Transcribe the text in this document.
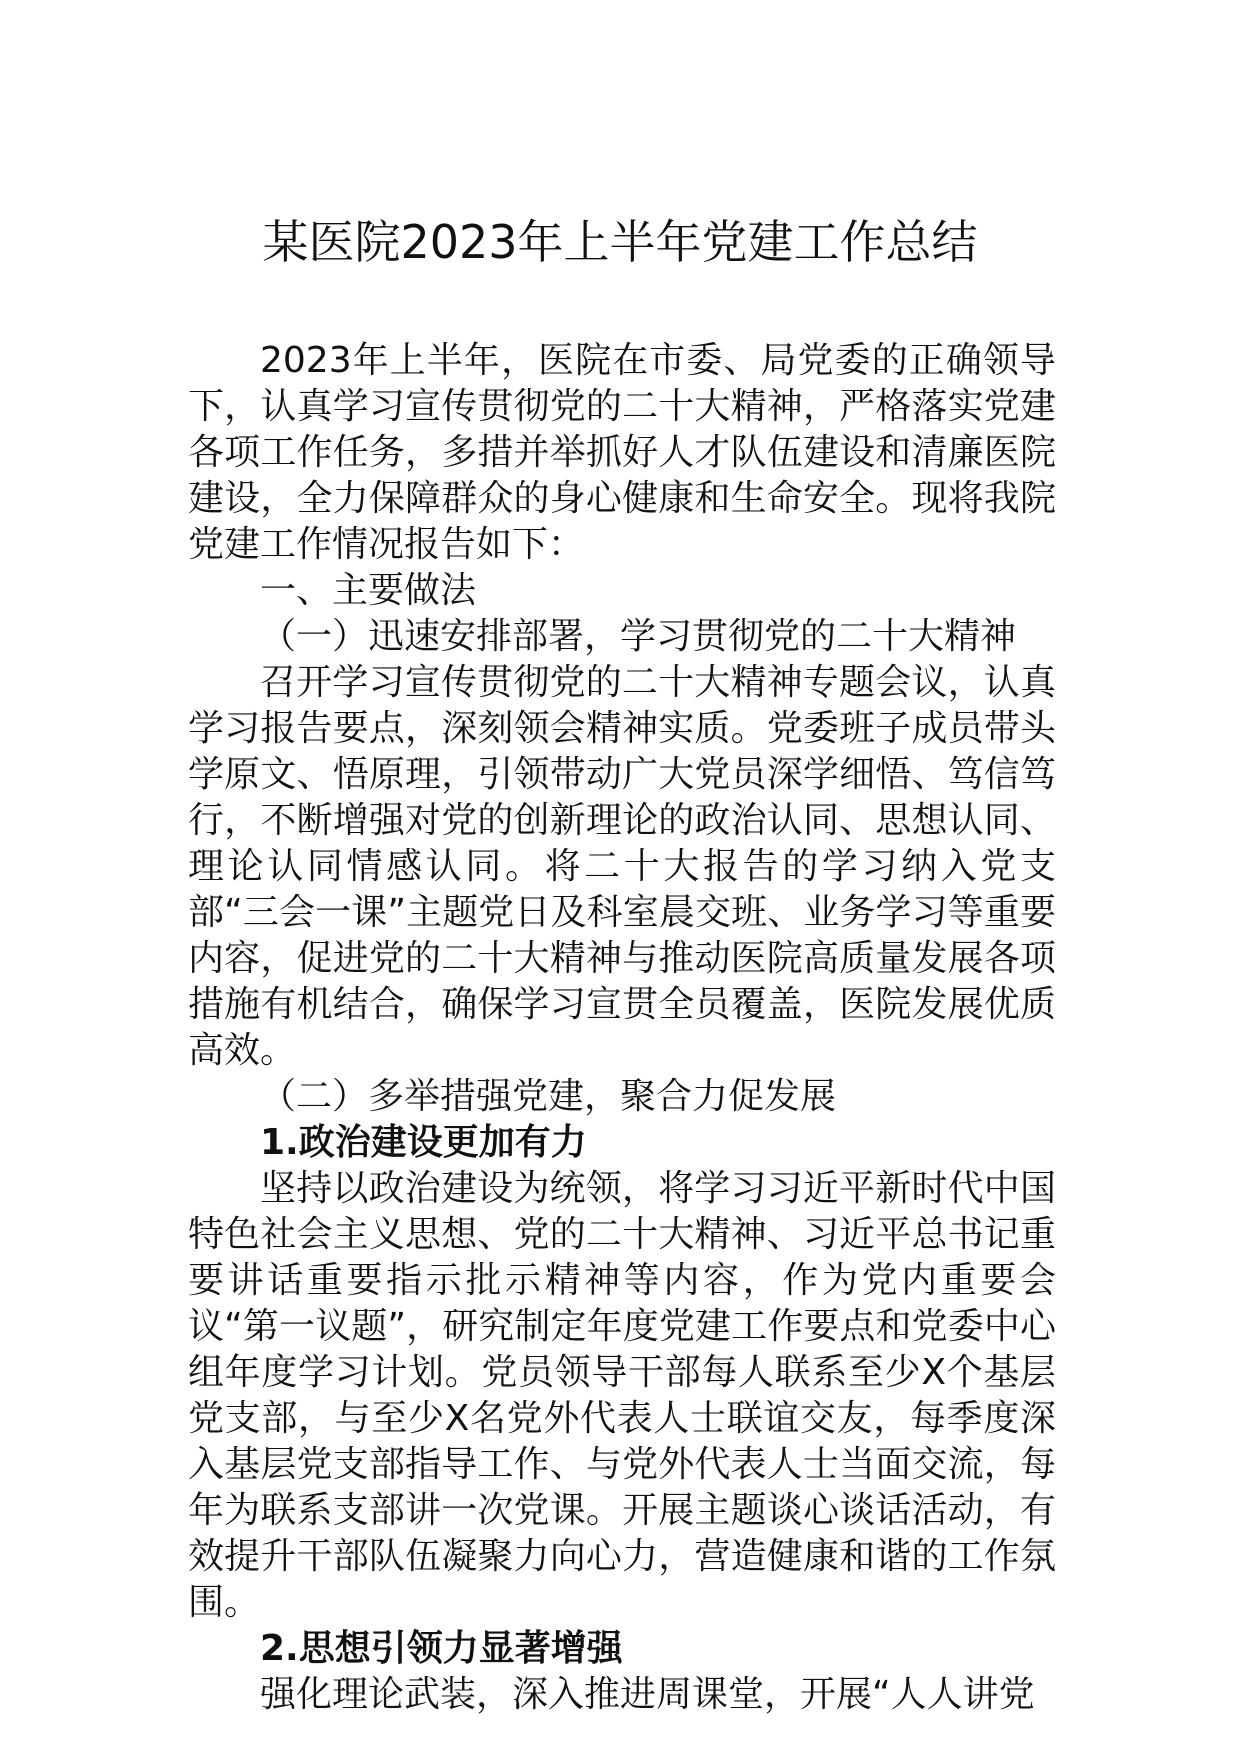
某医院2023年上半年党建工作总结

2023年上半年，医院在市委、局党委的正确领导下，认真学习宣传贯彻党的二十大精神，严格落实党建各项工作任务，多措并举抓好人才队伍建设和清廉医院建设，全力保障群众的身心健康和生命安全。现将我院党建工作情况报告如下：

一、主要做法

（一）迅速安排部署，学习贯彻党的二十大精神

召开学习宣传贯彻党的二十大精神专题会议，认真学习报告要点，深刻领会精神实质。党委班子成员带头学原文、悟原理，引领带动广大党员深学细悟、笃信笃行，不断增强对党的创新理论的政治认同、思想认同、理论认同情感认同。将二十大报告的学习纳入党支部“三会一课”主题党日及科室晨交班、业务学习等重要内容，促进党的二十大精神与推动医院高质量发展各项措施有机结合，确保学习宣贯全员覆盖，医院发展优质高效。

（二）多举措强党建，聚合力促发展

1.政治建设更加有力

坚持以政治建设为统领，将学习习近平新时代中国特色社会主义思想、党的二十大精神、习近平总书记重要讲话重要指示批示精神等内容，作为党内重要会议“第一议题”，研究制定年度党建工作要点和党委中心组年度学习计划。党员领导干部每人联系至少X个基层党支部，与至少X名党外代表人士联谊交友，每季度深入基层党支部指导工作、与党外代表人士当面交流，每年为联系支部讲一次党课。开展主题谈心谈话活动，有效提升干部队伍凝聚力向心力，营造健康和谐的工作氛围。

2.思想引领力显著增强

强化理论武装，深入推进周课堂，开展“人人讲党
